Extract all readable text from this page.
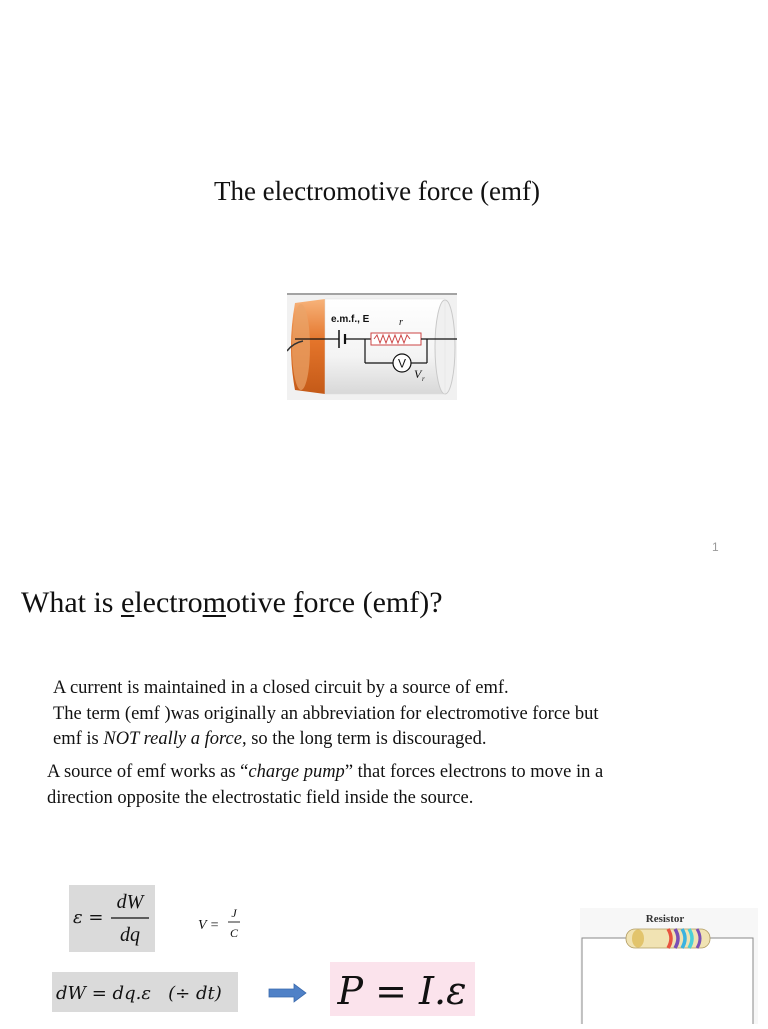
The electromotive force (emf)
V
e.m.f., E	r
V r
1
What is electromotive force (emf)?
A current is maintained in a closed circuit by a source of emf.
The term (emf )was originally an abbreviation for electromotive force but
emf is NOT really a force, so the long term is discouraged.
A source of emf works as “charge pump” that forces electrons to move in a
direction opposite the electrostatic field inside the source.
ε =
dW
dq	V =
J
C
dW = dq.ε   (÷ dt)	P = I.ε
Resistor
